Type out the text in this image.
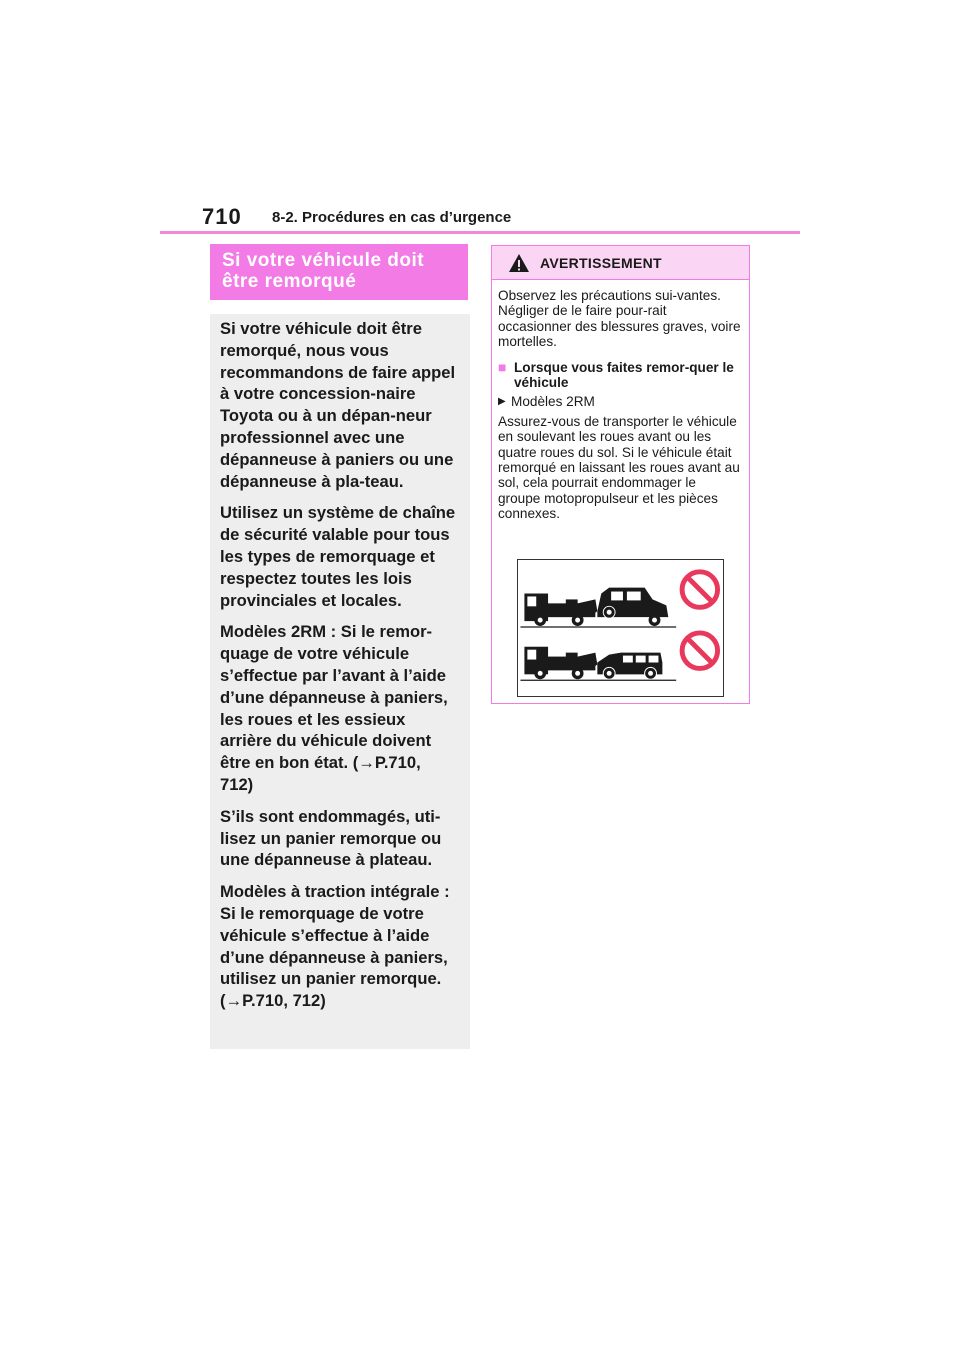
710 8-2. Procédures en cas d’urgence
Si votre véhicule doit
être remorqué

Si votre véhicule doit être remorqué, nous vous recommandons de faire appel à votre concession-naire Toyota ou à un dépan-neur professionnel avec une dépanneuse à paniers ou une dépanneuse à pla-teau.

Utilisez un système de chaîne de sécurité valable pour tous les types de remorquage et respectez toutes les lois provinciales et locales.

Modèles 2RM : Si le remor-quage de votre véhicule s’effectue par l’avant à l’aide d’une dépanneuse à paniers, les roues et les essieux arrière du véhicule doivent être en bon état. (→P.710, 712)

S’ils sont endommagés, uti-lisez un panier remorque ou une dépanneuse à plateau.

Modèles à traction intégrale : Si le remorquage de votre véhicule s’effectue à l’aide d’une dépanneuse à paniers, utilisez un panier remorque. (→P.710, 712)

AVERTISSEMENT
Observez les précautions sui-vantes. Négliger de le faire pour-rait occasionner des blessures graves, voire mortelles.
■ Lorsque vous faites remor-quer le véhicule
▶ Modèles 2RM
Assurez-vous de transporter le véhicule en soulevant les roues avant ou les quatre roues du sol. Si le véhicule était remorqué en laissant les roues avant au sol, cela pourrait endommager le groupe motopropulseur et les pièces connexes.
